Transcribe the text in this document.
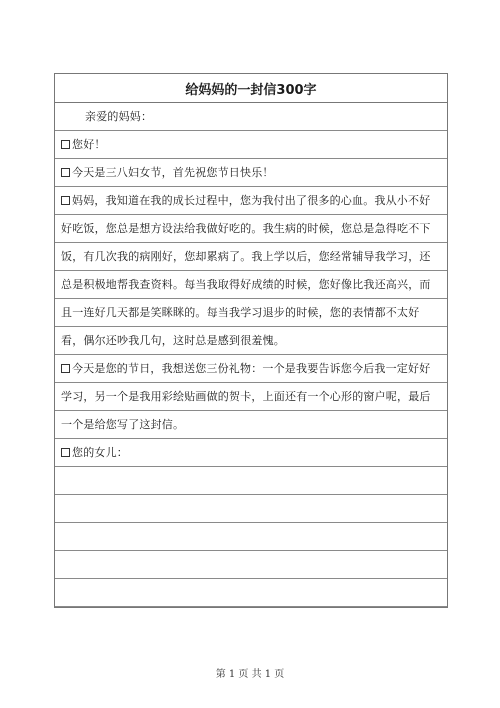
给妈妈的一封信300字

亲爱的妈妈：

您好！

今天是三八妇女节，首先祝您节日快乐！

妈妈，我知道在我的成长过程中，您为我付出了很多的心血。我从小不好好吃饭，您总是想方设法给我做好吃的。我生病的时候，您总是急得吃不下饭，有几次我的病刚好，您却累病了。我上学以后，您经常辅导我学习，还总是积极地帮我查资料。每当我取得好成绩的时候，您好像比我还高兴，而且一连好几天都是笑眯眯的。每当我学习退步的时候，您的表情都不太好看，偶尔还吵我几句，这时总是感到很羞愧。

今天是您的节日，我想送您三份礼物：一个是我要告诉您今后我一定好好学习，另一个是我用彩绘贴画做的贺卡，上面还有一个心形的窗户呢，最后一个是给您写了这封信。

您的女儿：

第 1 页 共 1 页
